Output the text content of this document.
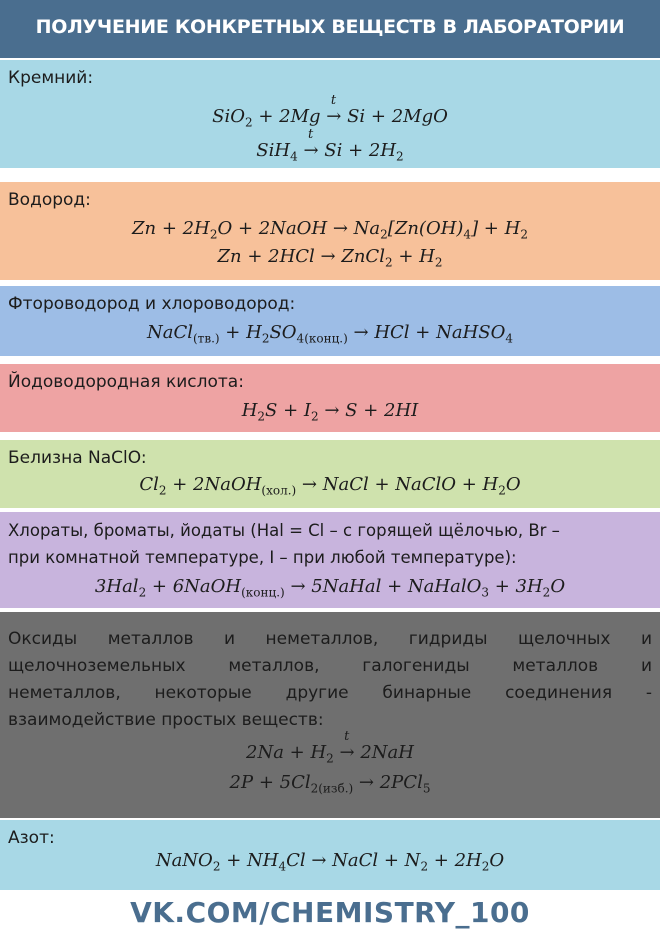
ПОЛУЧЕНИЕ КОНКРЕТНЫХ ВЕЩЕСТВ В ЛАБОРАТОРИИ
Кремний:
SiO$_2$ + 2Mg
t
→ Si + 2MgO
SiH$_4$
t
→ $Si + 2H_2$
Водород:
$Zn + 2H_2O$ + 2NaOH → $Na_2[Zn(OH)_4] + H_2$
Zn + 2HCl → ZnCl$_2$ + $H_2$
Фтороводород и хлороводород:
NaCl$_{(тв.)}$ + $H_2SO_{4(конц.)}$ → HCl + NaHSO$_4$
Йодоводородная кислота:
$H_2S + I_2 \to S + 2HI$
Белизна NaClO:
$Cl_2$ + 2NaOH$_{(хол.)}$ → NaCl + NaClO + $H_2O$
Хлораты, броматы, йодаты (Hal = Cl – с горящей щёлочью, Br –
при комнатной температуре, I – при любой температуре):
3Hal$_2$ + 6NaOH$_{(конц.)}$ → 5NaHal + NaHalO$_3$ + $3H_2O$
Оксиды металлов и неметаллов, гидриды щелочных и
щелочноземельных металлов, галогениды металлов и
неметаллов, некоторые другие бинарные соединения -
взаимодействие простых веществ:
$2Na + H_2$
t
→ 2NaH
$2P + 5Cl_{2(изб.)} \to 2PCl_5$
Азот:
NaNO$_2$ + $NH_4Cl$ → NaCl + $N_2 + 2H_2O$
VK.COM/CHEMISTRY_100
